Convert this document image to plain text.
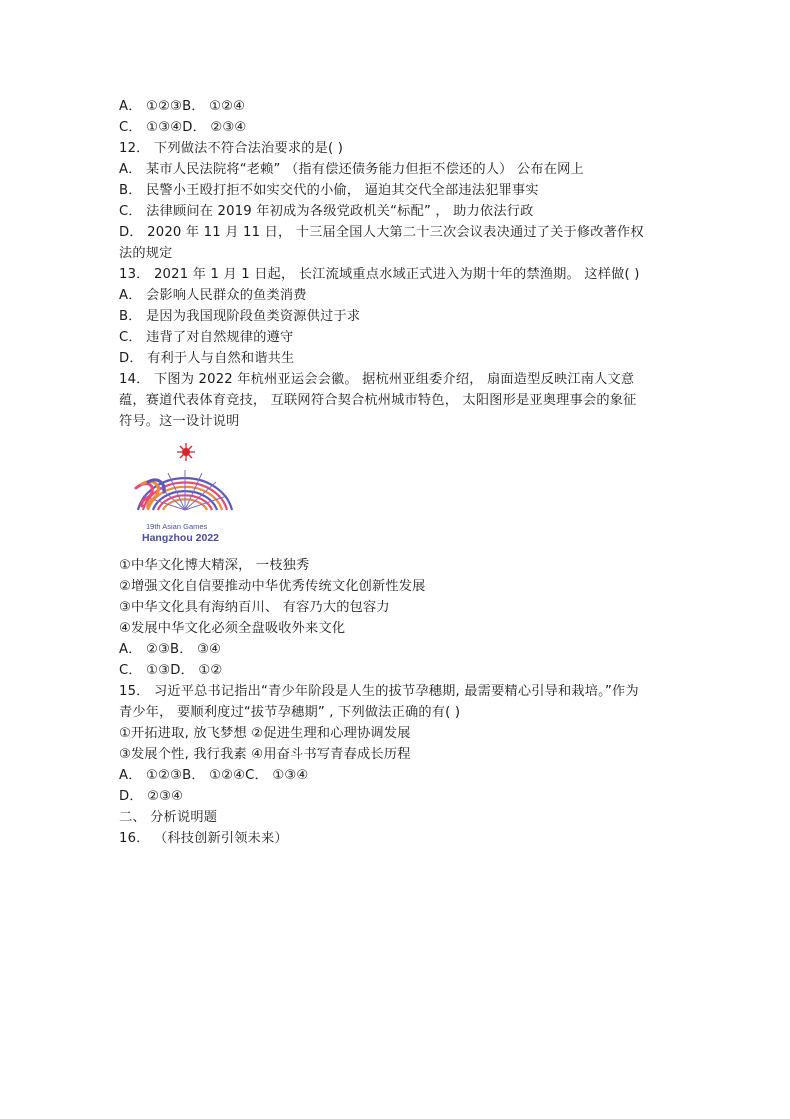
A． ①②③B． ①②④
C． ①③④D． ②③④
12． 下列做法不符合法治要求的是( )
A． 某市人民法院将“老赖” （指有偿还债务能力但拒不偿还的人） 公布在网上
B． 民警小王殴打拒不如实交代的小偷， 逼迫其交代全部违法犯罪事实
C． 法律顾问在 2019 年初成为各级党政机关“标配” ， 助力依法行政
D． 2020 年 11 月 11 日， 十三届全国人大第二十三次会议表决通过了关于修改著作权
法的规定
13． 2021 年 1 月 1 日起， 长江流域重点水域正式进入为期十年的禁渔期。 这样做( )
A． 会影响人民群众的鱼类消费
B． 是因为我国现阶段鱼类资源供过于求
C． 违背了对自然规律的遵守
D． 有利于人与自然和谐共生
14． 下图为 2022 年杭州亚运会会徽。 据杭州亚组委介绍， 扇面造型反映江南人文意
蕴，赛道代表体育竞技， 互联网符合契合杭州城市特色， 太阳图形是亚奥理事会的象征
符号。这一设计说明
19th Asian Games
Hangzhou 2022
①中华文化博大精深， 一枝独秀
②增强文化自信要推动中华优秀传统文化创新性发展
③中华文化具有海纳百川、 有容乃大的包容力
④发展中华文化必须全盘吸收外来文化
A． ②③B． ③④
C． ①③D． ①②
15． 习近平总书记指出“青少年阶段是人生的拔节孕穗期, 最需要精心引导和栽培。”作为
青少年， 要顺利度过“拔节孕穗期” , 下列做法正确的有( )
①开拓进取, 放飞梦想 ②促进生理和心理协调发展
③发展个性, 我行我素 ④用奋斗书写青春成长历程
A． ①②③B． ①②④C． ①③④
D． ②③④
二、 分析说明题
16． （科技创新引领未来）
